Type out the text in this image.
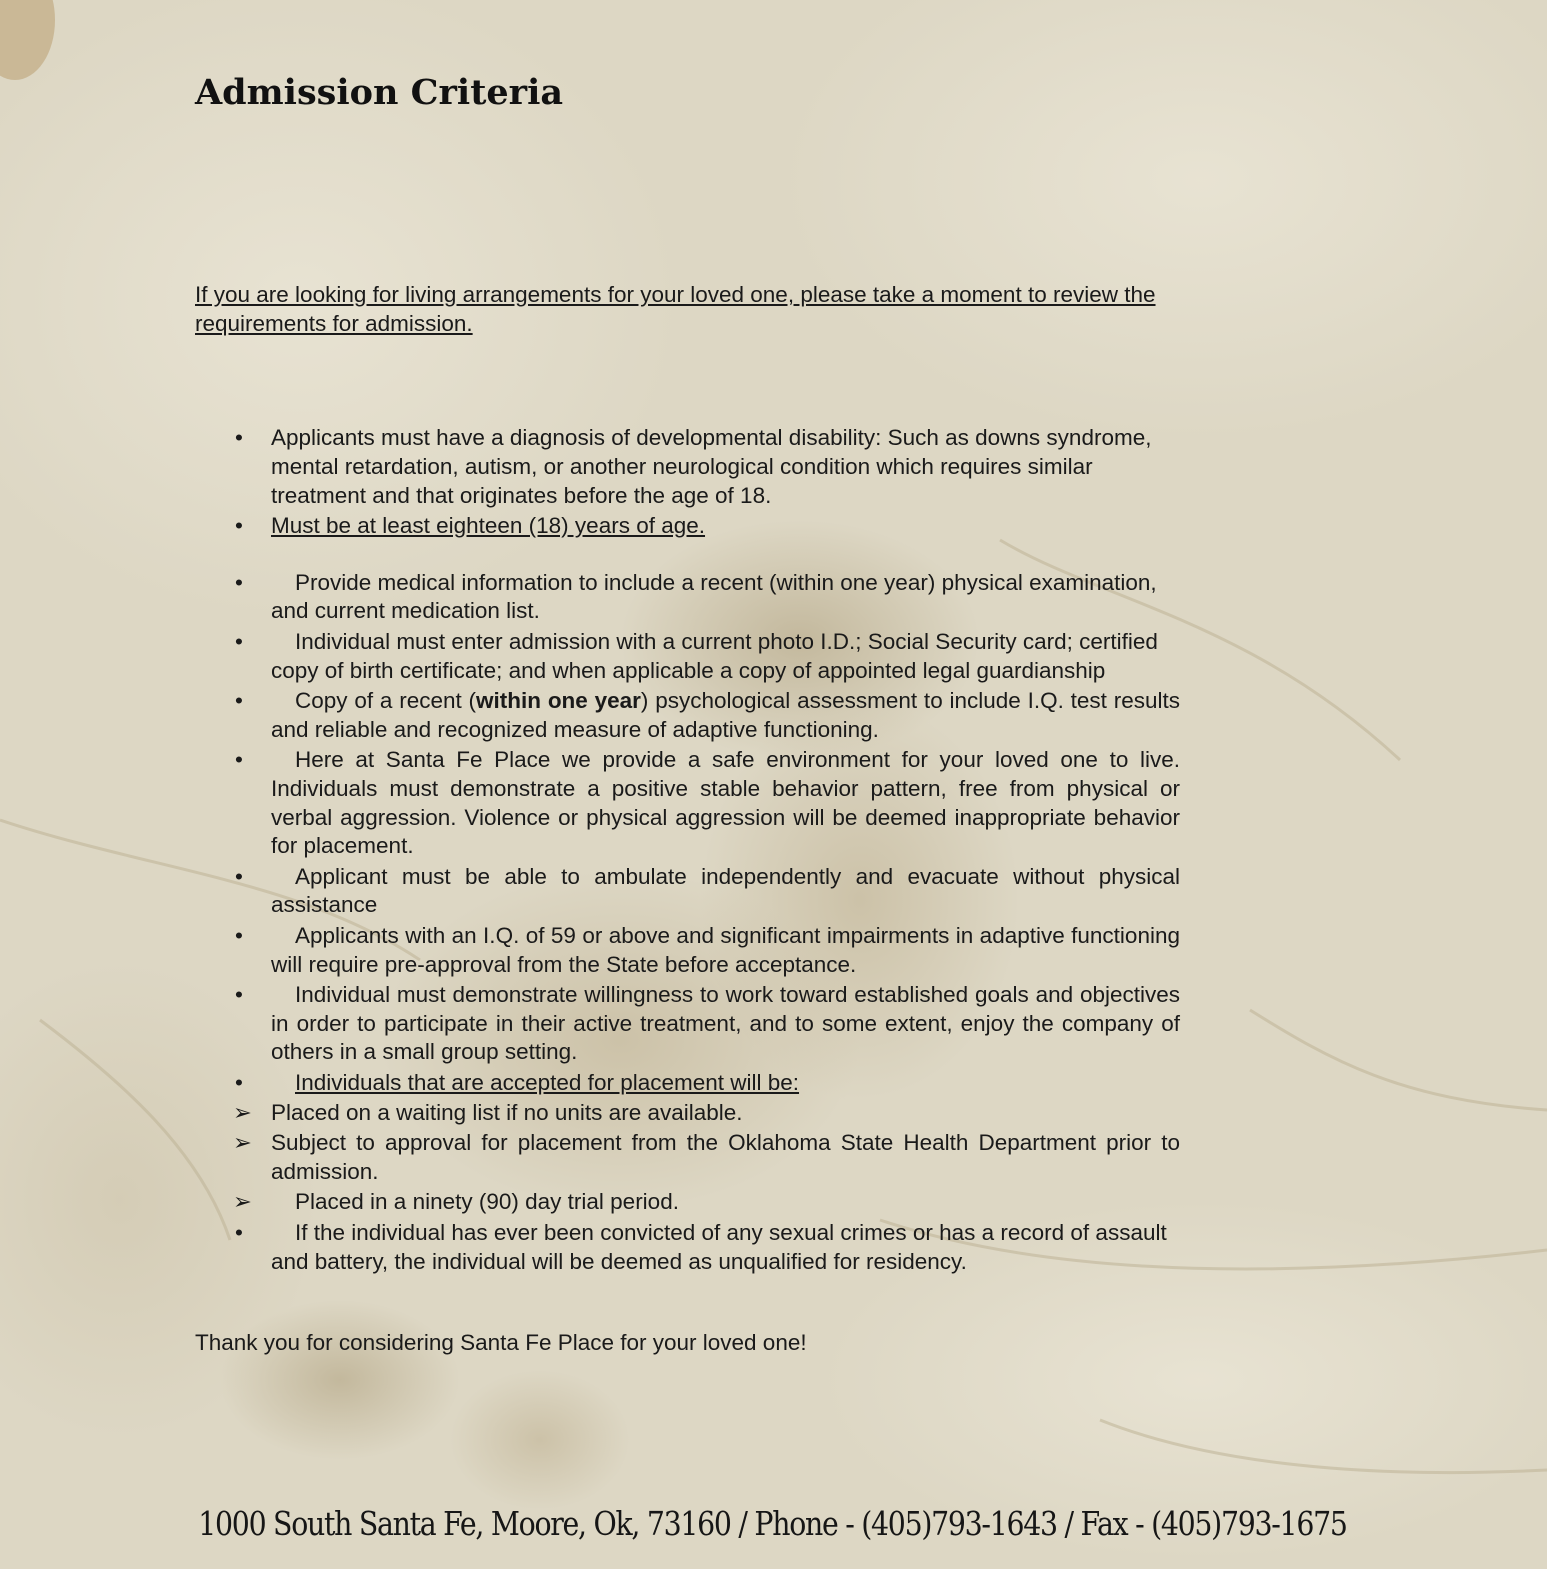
Admission Criteria

If you are looking for living arrangements for your loved one, please take a moment to review the requirements for admission.

• Applicants must have a diagnosis of developmental disability: Such as downs syndrome, mental retardation, autism, or another neurological condition which requires similar treatment and that originates before the age of 18.
• Must be at least eighteen (18) years of age.
• Provide medical information to include a recent (within one year) physical examination, and current medication list.
• Individual must enter admission with a current photo I.D.; Social Security card; certified copy of birth certificate; and when applicable a copy of appointed legal guardianship
• Copy of a recent (within one year) psychological assessment to include I.Q. test results and reliable and recognized measure of adaptive functioning.
• Here at Santa Fe Place we provide a safe environment for your loved one to live. Individuals must demonstrate a positive stable behavior pattern, free from physical or verbal aggression. Violence or physical aggression will be deemed inappropriate behavior for placement.
• Applicant must be able to ambulate independently and evacuate without physical assistance
• Applicants with an I.Q. of 59 or above and significant impairments in adaptive functioning will require pre-approval from the State before acceptance.
• Individual must demonstrate willingness to work toward established goals and objectives in order to participate in their active treatment, and to some extent, enjoy the company of others in a small group setting.
• Individuals that are accepted for placement will be:
➢ Placed on a waiting list if no units are available.
➢ Subject to approval for placement from the Oklahoma State Health Department prior to admission.
➢ Placed in a ninety (90) day trial period.
• If the individual has ever been convicted of any sexual crimes or has a record of assault and battery, the individual will be deemed as unqualified for residency.

Thank you for considering Santa Fe Place for your loved one!

1000 South Santa Fe, Moore, Ok, 73160 / Phone - (405)793-1643 / Fax - (405)793-1675
